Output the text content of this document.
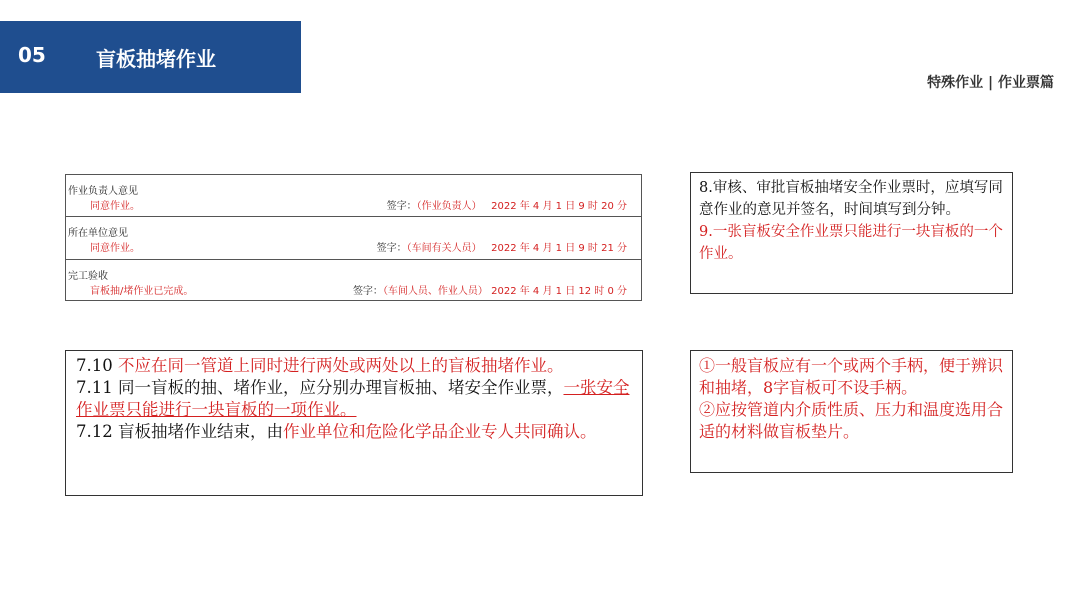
05	盲板抽堵作业
特殊作业 | 作业票篇
作业负责人意见
同意作业。	签字：（作业负责人） 2022 年 4 月 1 日 9 时 20 分
所在单位意见
同意作业。	签字：（车间有关人员） 2022 年 4 月 1 日 9 时 21 分
完工验收
盲板抽/堵作业已完成。	签字：（车间人员、作业人员） 2022 年 4 月 1 日 12 时 0 分

8.审核、审批盲板抽堵安全作业票时，应填写同意作业的意见并签名，时间填写到分钟。

9.一张盲板安全作业票只能进行一块盲板的一个作业。

7.10 不应在同一管道上同时进行两处或两处以上的盲板抽堵作业。

7.11 同一盲板的抽、堵作业，应分别办理盲板抽、堵安全作业票，一张安全作业票只能进行一块盲板的一项作业。

7.12 盲板抽堵作业结束，由作业单位和危险化学品企业专人共同确认。

①一般盲板应有一个或两个手柄，便于辨识和抽堵，8字盲板可不设手柄。

②应按管道内介质性质、压力和温度选用合适的材料做盲板垫片。
